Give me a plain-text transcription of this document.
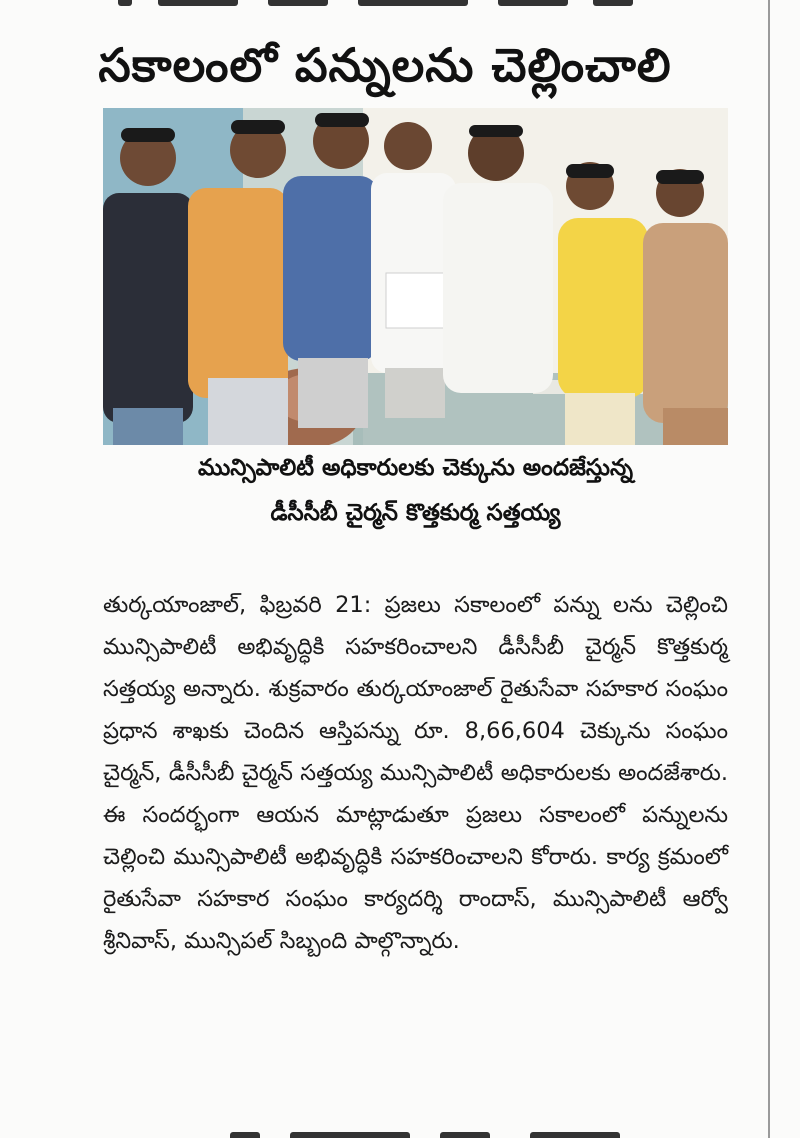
సకాలంలో పన్నులను చెల్లించాలి
మున్సిపాలిటీ అధికారులకు చెక్కును అందజేస్తున్న
డీసీసీబీ చైర్మన్ కొత్తకుర్మ సత్తయ్య
తుర్కయాంజాల్, ఫిబ్రవరి 21: ప్రజలు సకాలంలో పన్ను లను చెల్లించి మున్సిపాలిటీ అభివృద్ధికి సహకరించాలని డీసీసీబీ చైర్మన్ కొత్తకుర్మ సత్తయ్య అన్నారు. శుక్రవారం తుర్కయాంజాల్ రైతుసేవా సహకార సంఘం ప్రధాన శాఖకు చెందిన ఆస్తిపన్ను రూ. 8,66,604 చెక్కును సంఘం చైర్మన్, డీసీసీబీ చైర్మన్ సత్తయ్య మున్సిపాలిటీ అధికారులకు అందజేశారు. ఈ సందర్భంగా ఆయన మాట్లాడుతూ ప్రజలు సకాలంలో పన్నులను చెల్లించి మున్సిపాలిటీ అభివృద్ధికి సహకరించాలని కోరారు. కార్య క్రమంలో రైతుసేవా సహకార సంఘం కార్యదర్శి రాందాస్, మున్సిపాలిటీ ఆర్వో శ్రీనివాస్, మున్సిపల్ సిబ్బంది పాల్గొన్నారు.
